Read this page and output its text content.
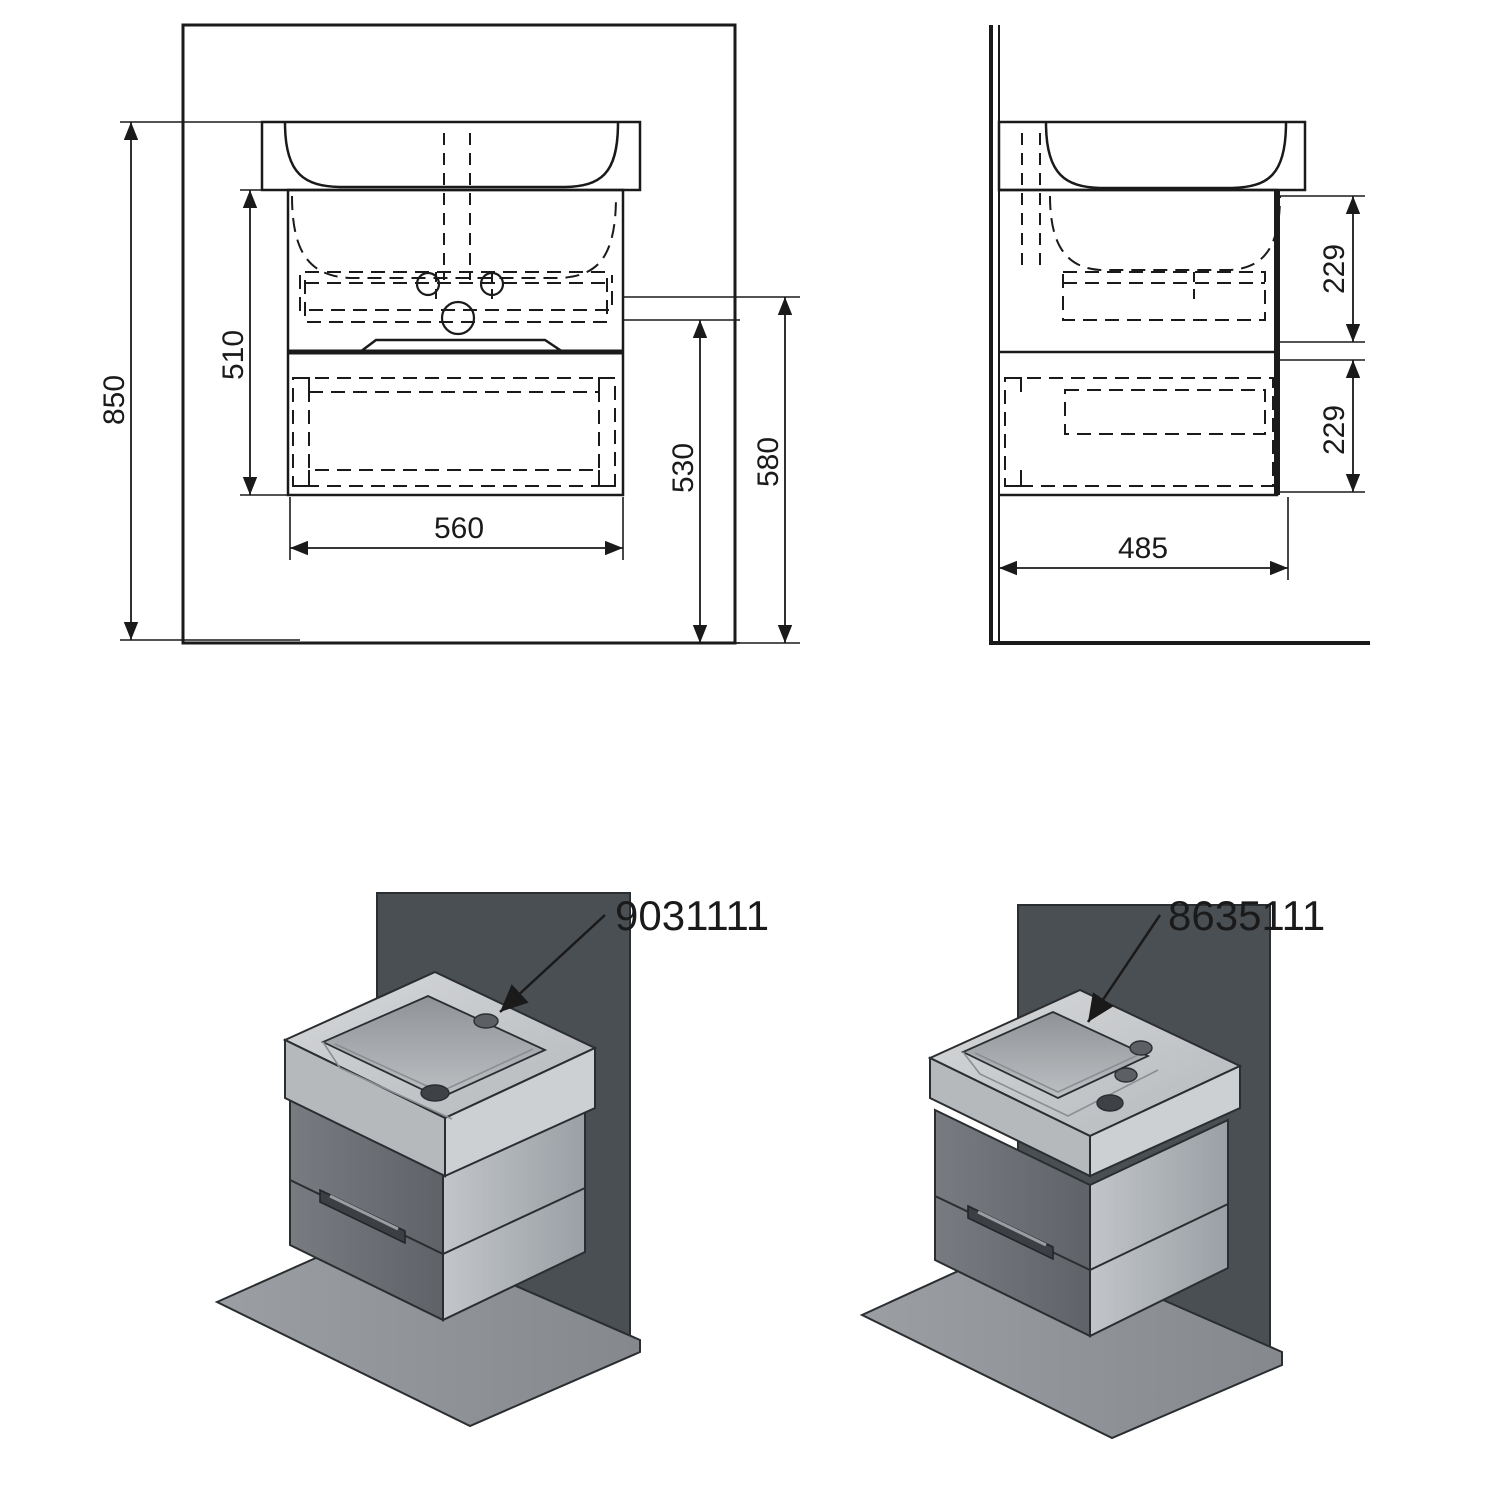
850
510
530 580
560
229
229
485
9031111	8635111
